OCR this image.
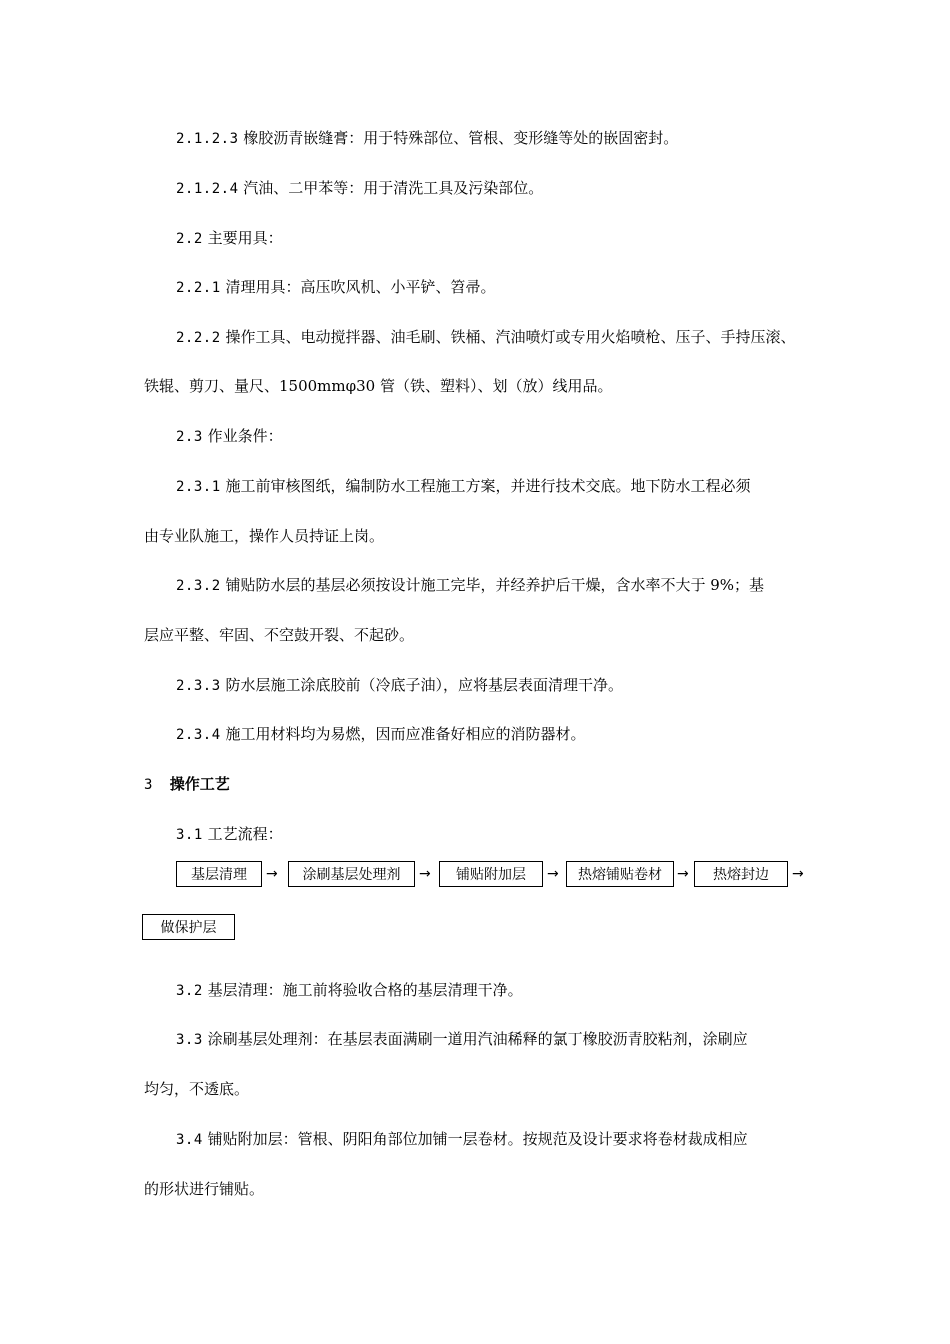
2.1.2.3 橡胶沥青嵌缝膏：用于特殊部位、管根、变形缝等处的嵌固密封。
2.1.2.4 汽油、二甲苯等：用于清洗工具及污染部位。
2.2 主要用具：
2.2.1 清理用具：高压吹风机、小平铲、笤帚。
2.2.2 操作工具、电动搅拌器、油毛刷、铁桶、汽油喷灯或专用火焰喷枪、压子、手持压滚、
铁辊、剪刀、量尺、1500mmφ30 管（铁、塑料）、划（放）线用品。
2.3 作业条件：
2.3.1 施工前审核图纸，编制防水工程施工方案，并进行技术交底。地下防水工程必须
由专业队施工，操作人员持证上岗。
2.3.2 铺贴防水层的基层必须按设计施工完毕，并经养护后干燥，含水率不大于 9%；基
层应平整、牢固、不空鼓开裂、不起砂。
2.3.3 防水层施工涂底胶前（冷底子油），应将基层表面清理干净。
2.3.4 施工用材料均为易燃，因而应准备好相应的消防器材。
3 操作工艺
3.1 工艺流程：
基层清理	→	涂刷基层处理剂	→	铺贴附加层	→	热熔铺贴卷材	→	热熔封边	→
做保护层
3.2 基层清理：施工前将验收合格的基层清理干净。
3.3 涂刷基层处理剂：在基层表面满刷一道用汽油稀释的氯丁橡胶沥青胶粘剂，涂刷应
均匀，不透底。
3.4 铺贴附加层：管根、阴阳角部位加铺一层卷材。按规范及设计要求将卷材裁成相应
的形状进行铺贴。
